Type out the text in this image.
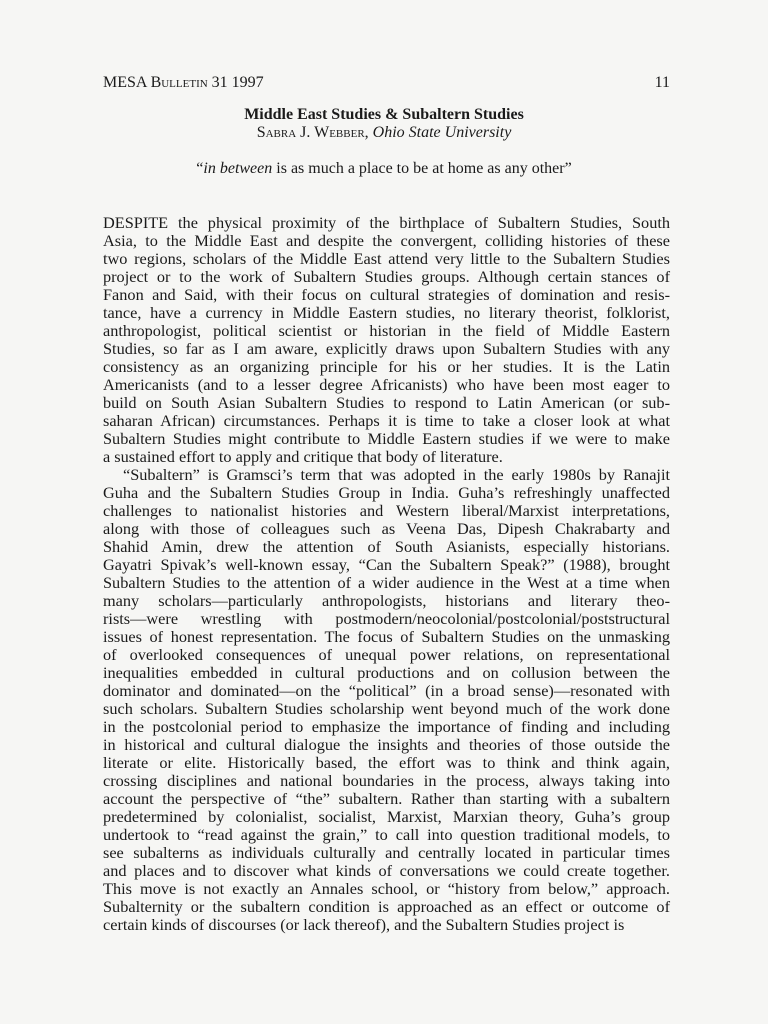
MESA Bulletin 31 1997	11
Middle East Studies & Subaltern Studies
Sabra J. Webber, Ohio State University
“in between is as much a place to be at home as any other”
DESPITE the physical proximity of the birthplace of Subaltern Studies, South
Asia, to the Middle East and despite the convergent, colliding histories of these
two regions, scholars of the Middle East attend very little to the Subaltern Studies
project or to the work of Subaltern Studies groups. Although certain stances of
Fanon and Said, with their focus on cultural strategies of domination and resis-
tance, have a currency in Middle Eastern studies, no literary theorist, folklorist,
anthropologist, political scientist or historian in the field of Middle Eastern
Studies, so far as I am aware, explicitly draws upon Subaltern Studies with any
consistency as an organizing principle for his or her studies. It is the Latin
Americanists (and to a lesser degree Africanists) who have been most eager to
build on South Asian Subaltern Studies to respond to Latin American (or sub-
saharan African) circumstances. Perhaps it is time to take a closer look at what
Subaltern Studies might contribute to Middle Eastern studies if we were to make
a sustained effort to apply and critique that body of literature.
“Subaltern” is Gramsci’s term that was adopted in the early 1980s by Ranajit
Guha and the Subaltern Studies Group in India. Guha’s refreshingly unaffected
challenges to nationalist histories and Western liberal/Marxist interpretations,
along with those of colleagues such as Veena Das, Dipesh Chakrabarty and
Shahid Amin, drew the attention of South Asianists, especially historians.
Gayatri Spivak’s well-known essay, “Can the Subaltern Speak?” (1988), brought
Subaltern Studies to the attention of a wider audience in the West at a time when
many scholars—particularly anthropologists, historians and literary theo-
rists—were wrestling with postmodern/neocolonial/postcolonial/poststructural
issues of honest representation. The focus of Subaltern Studies on the unmasking
of overlooked consequences of unequal power relations, on representational
inequalities embedded in cultural productions and on collusion between the
dominator and dominated—on the “political” (in a broad sense)—resonated with
such scholars. Subaltern Studies scholarship went beyond much of the work done
in the postcolonial period to emphasize the importance of finding and including
in historical and cultural dialogue the insights and theories of those outside the
literate or elite. Historically based, the effort was to think and think again,
crossing disciplines and national boundaries in the process, always taking into
account the perspective of “the” subaltern. Rather than starting with a subaltern
predetermined by colonialist, socialist, Marxist, Marxian theory, Guha’s group
undertook to “read against the grain,” to call into question traditional models, to
see subalterns as individuals culturally and centrally located in particular times
and places and to discover what kinds of conversations we could create together.
This move is not exactly an Annales school, or “history from below,” approach.
Subalternity or the subaltern condition is approached as an effect or outcome of
certain kinds of discourses (or lack thereof), and the Subaltern Studies project is
